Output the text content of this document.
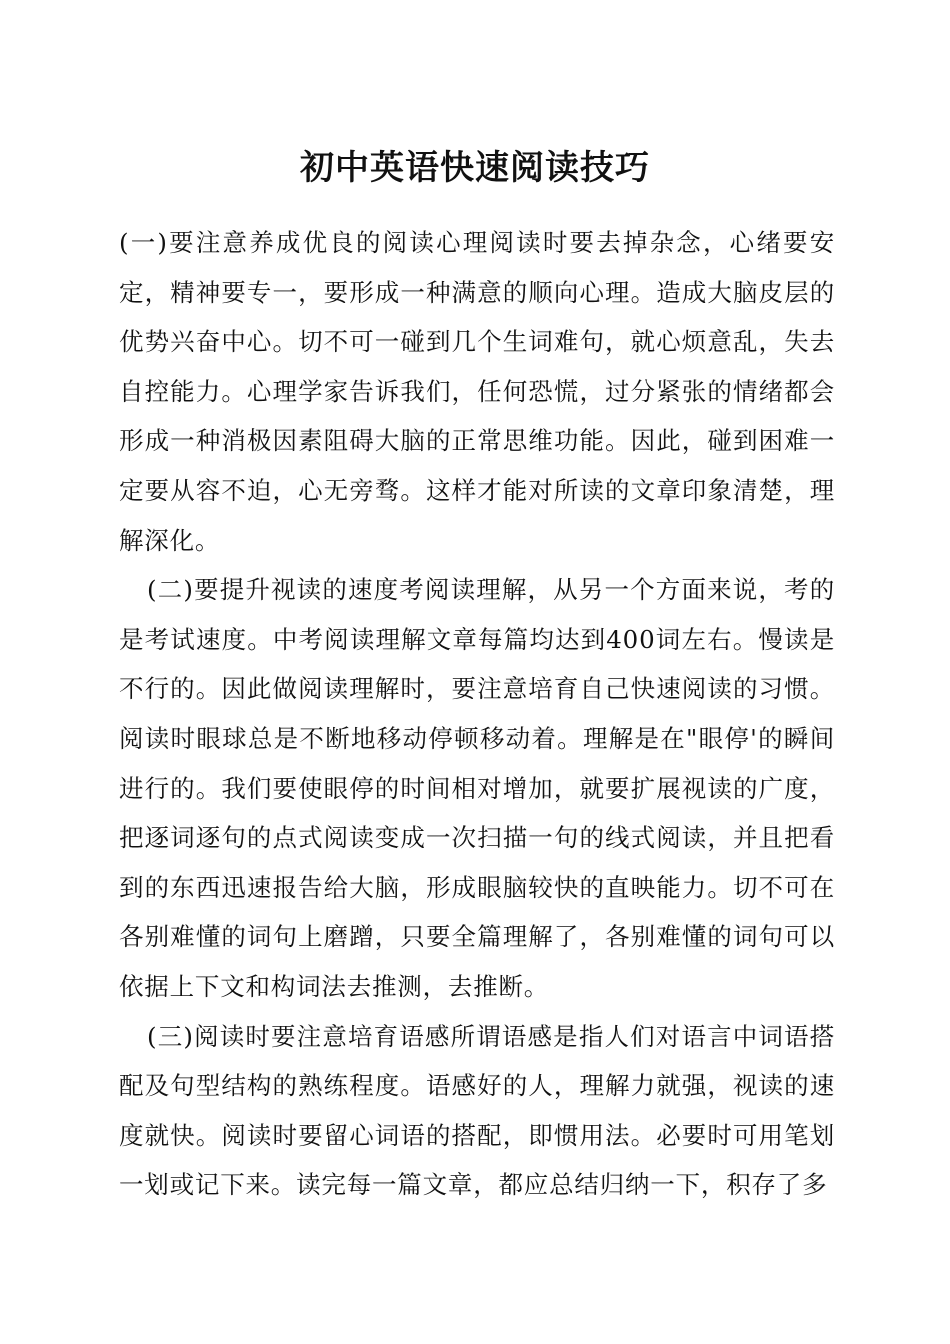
初中英语快速阅读技巧

(一)要注意养成优良的阅读心理阅读时要去掉杂念，心绪要安定，精神要专一，要形成一种满意的顺向心理。造成大脑皮层的优势兴奋中心。切不可一碰到几个生词难句，就心烦意乱，失去自控能力。心理学家告诉我们，任何恐慌，过分紧张的情绪都会形成一种消极因素阻碍大脑的正常思维功能。因此，碰到困难一定要从容不迫，心无旁骛。这样才能对所读的文章印象清楚，理解深化。

(二)要提升视读的速度考阅读理解，从另一个方面来说，考的是考试速度。中考阅读理解文章每篇均达到400词左右。慢读是不行的。因此做阅读理解时，要注意培育自己快速阅读的习惯。阅读时眼球总是不断地移动停顿移动着。理解是在"眼停'的瞬间进行的。我们要使眼停的时间相对增加，就要扩展视读的广度，把逐词逐句的点式阅读变成一次扫描一句的线式阅读，并且把看到的东西迅速报告给大脑，形成眼脑较快的直映能力。切不可在各别难懂的词句上磨蹭，只要全篇理解了，各别难懂的词句可以依据上下文和构词法去推测，去推断。

(三)阅读时要注意培育语感所谓语感是指人们对语言中词语搭配及句型结构的熟练程度。语感好的人，理解力就强，视读的速度就快。阅读时要留心词语的搭配，即惯用法。必要时可用笔划一划或记下来。读完每一篇文章，都应总结归纳一下，积存了多
